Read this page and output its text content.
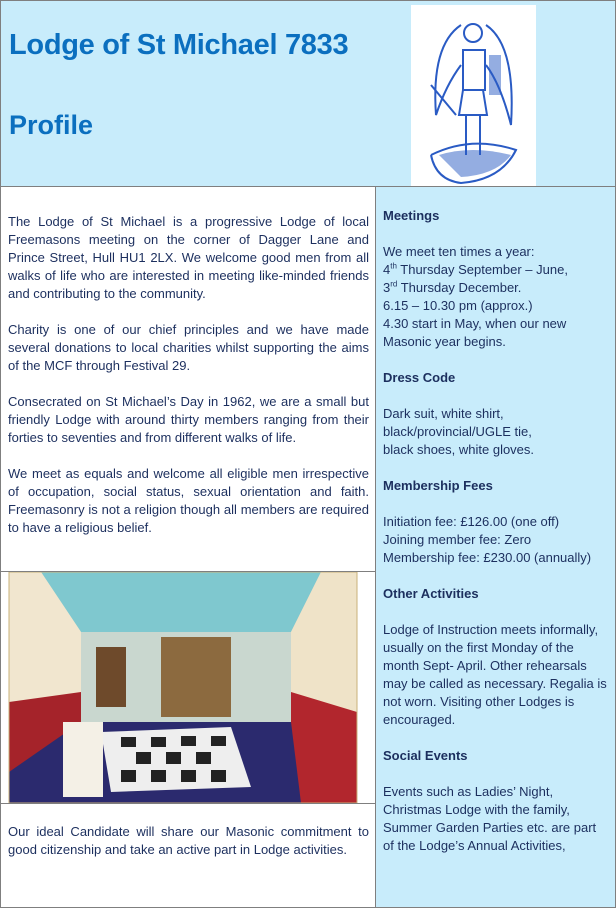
Lodge of St Michael 7833
Profile

The Lodge of St Michael is a progressive Lodge of local Freemasons meeting on the corner of Dagger Lane and Prince Street, Hull HU1 2LX. We welcome good men from all walks of life who are interested in meeting like-minded friends and contributing to the community.

Charity is one of our chief principles and we have made several donations to local charities whilst supporting the aims of the MCF through Festival 29.

Consecrated on St Michael’s Day in 1962, we are a small but friendly Lodge with around thirty members ranging from their forties to seventies and from different walks of life.

We meet as equals and welcome all eligible men irrespective of occupation, social status, sexual orientation and faith. Freemasonry is not a religion though all members are required to have a religious belief.

Our ideal Candidate will share our Masonic commitment to good citizenship and take an active part in Lodge activities.
Meetings

We meet ten times a year:
4th Thursday September – June,
3rd Thursday December.
6.15 – 10.30 pm (approx.)
4.30 start in May, when our new Masonic year begins.

Dress Code

Dark suit, white shirt, black/provincial/UGLE tie, black shoes, white gloves.

Membership Fees

Initiation fee: £126.00 (one off)
Joining member fee: Zero
Membership fee: £230.00 (annually)

Other Activities

Lodge of Instruction meets informally, usually on the first Monday of the month Sept- April. Other rehearsals may be called as necessary. Regalia is not worn. Visiting other Lodges is encouraged.

Social Events

Events such as Ladies’ Night, Christmas Lodge with the family, Summer Garden Parties etc. are part of the Lodge’s Annual Activities,
